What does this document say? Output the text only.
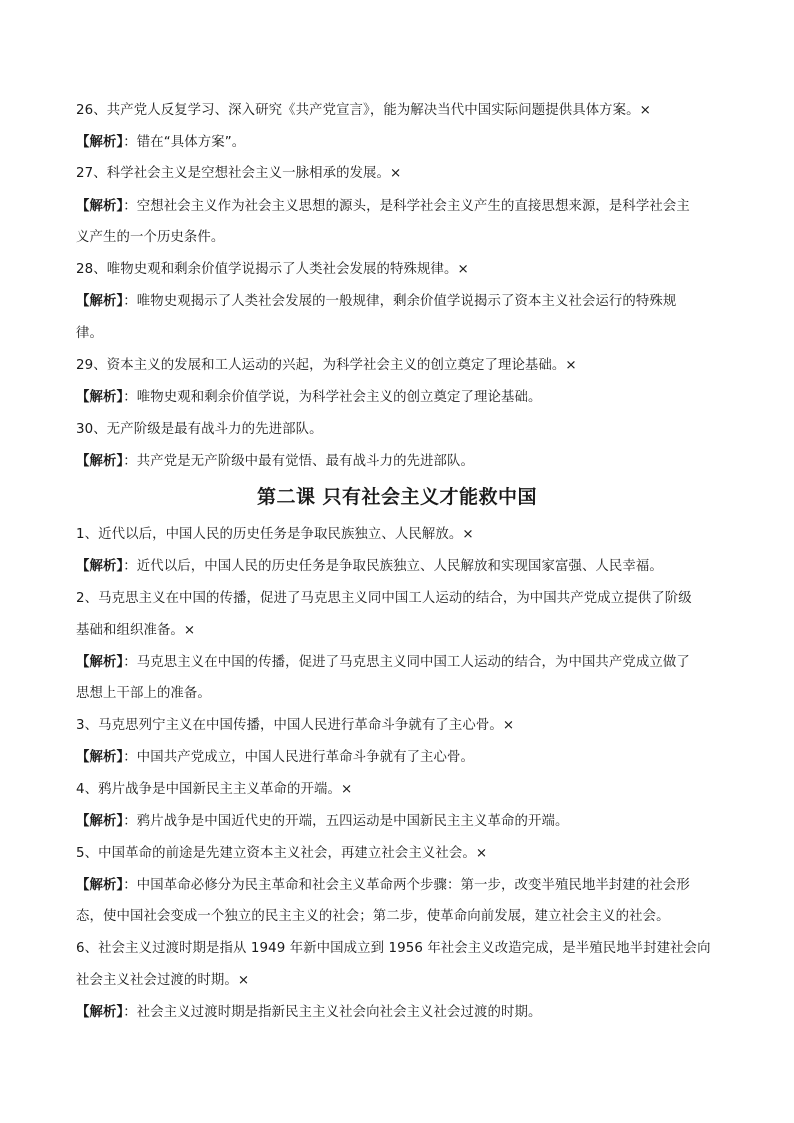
26、共产党人反复学习、深入研究《共产党宣言》，能为解决当代中国实际问题提供具体方案。×
【解析】：错在“具体方案”。
27、科学社会主义是空想社会主义一脉相承的发展。×
【解析】：空想社会主义作为社会主义思想的源头，是科学社会主义产生的直接思想来源，是科学社会主
义产生的一个历史条件。
28、唯物史观和剩余价值学说揭示了人类社会发展的特殊规律。×
【解析】：唯物史观揭示了人类社会发展的一般规律，剩余价值学说揭示了资本主义社会运行的特殊规
律。
29、资本主义的发展和工人运动的兴起，为科学社会主义的创立奠定了理论基础。×
【解析】：唯物史观和剩余价值学说，为科学社会主义的创立奠定了理论基础。
30、无产阶级是最有战斗力的先进部队。
【解析】：共产党是无产阶级中最有觉悟、最有战斗力的先进部队。
第二课 只有社会主义才能救中国
1、近代以后，中国人民的历史任务是争取民族独立、人民解放。×
【解析】：近代以后，中国人民的历史任务是争取民族独立、人民解放和实现国家富强、人民幸福。
2、马克思主义在中国的传播，促进了马克思主义同中国工人运动的结合，为中国共产党成立提供了阶级
基础和组织准备。×
【解析】：马克思主义在中国的传播，促进了马克思主义同中国工人运动的结合，为中国共产党成立做了
思想上干部上的准备。
3、马克思列宁主义在中国传播，中国人民进行革命斗争就有了主心骨。×
【解析】：中国共产党成立，中国人民进行革命斗争就有了主心骨。
4、鸦片战争是中国新民主主义革命的开端。×
【解析】：鸦片战争是中国近代史的开端，五四运动是中国新民主主义革命的开端。
5、中国革命的前途是先建立资本主义社会，再建立社会主义社会。×
【解析】：中国革命必修分为民主革命和社会主义革命两个步骤：第一步，改变半殖民地半封建的社会形
态，使中国社会变成一个独立的民主主义的社会；第二步，使革命向前发展，建立社会主义的社会。
6、社会主义过渡时期是指从 1949 年新中国成立到 1956 年社会主义改造完成，是半殖民地半封建社会向
社会主义社会过渡的时期。×
【解析】：社会主义过渡时期是指新民主主义社会向社会主义社会过渡的时期。
